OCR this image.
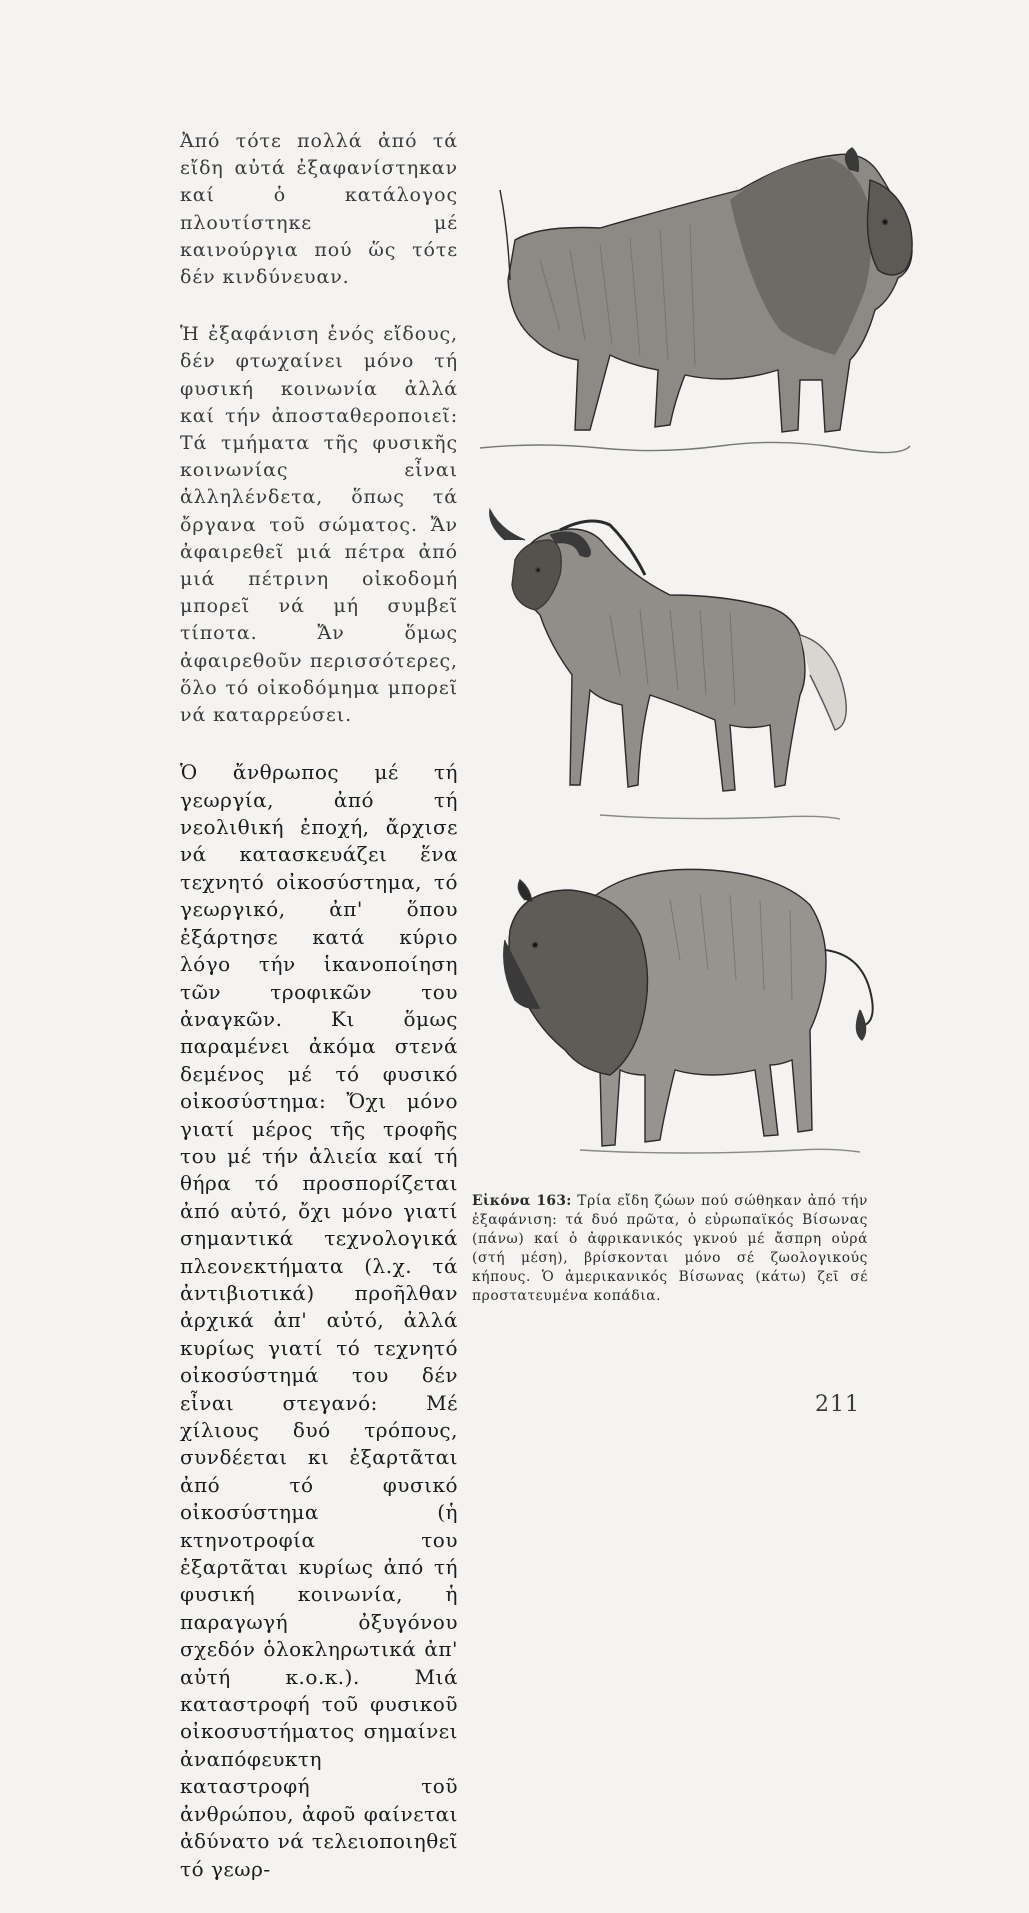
Ἀπό τότε πολλά ἀπό τά εἴδη αὐτά ἐξαφανίστηκαν καί ὁ κατάλογος πλουτίστηκε μέ καινούργια πού ὥς τότε δέν κινδύνευαν.

Ἡ ἐξαφάνιση ἑνός εἴδους, δέν φτωχαίνει μόνο τή φυσική κοινωνία ἀλλά καί τήν ἀποσταθεροποιεῖ: Τά τμήματα τῆς φυσικῆς κοινωνίας εἶναι ἀλληλένδετα, ὅπως τά ὄργανα τοῦ σώματος. Ἄν ἀφαιρεθεῖ μιά πέτρα ἀπό μιά πέτρινη οἰκοδομή μπορεῖ νά μή συμβεῖ τίποτα. Ἄν ὅμως ἀφαιρεθοῦν περισσότερες, ὅλο τό οἰκοδόμημα μπορεῖ νά καταρρεύσει.

Ὁ ἄνθρωπος μέ τή γεωργία, ἀπό τή νεολιθική ἐποχή, ἄρχισε νά κατασκευάζει ἕνα τεχνητό οἰκοσύστημα, τό γεωργικό, ἀπ' ὅπου ἐξάρτησε κατά κύριο λόγο τήν ἱκανοποίηση τῶν τροφικῶν του ἀναγκῶν. Κι ὅμως παραμένει ἀκόμα στενά δεμένος μέ τό φυσικό οἰκοσύστημα: Ὄχι μόνο γιατί μέρος τῆς τροφῆς του μέ τήν ἁλιεία καί τή θήρα τό προσπορίζεται ἀπό αὐτό, ὄχι μόνο γιατί σημαντικά τεχνολογικά πλεονεκτήματα (λ.χ. τά ἀντιβιοτικά) προῆλθαν ἀρχικά ἀπ' αὐτό, ἀλλά κυρίως γιατί τό τεχνητό οἰκοσύστημά του δέν εἶναι στεγανό: Μέ χίλιους δυό τρόπους, συνδέεται κι ἐξαρτᾶται ἀπό τό φυσικό οἰκοσύστημα (ἡ κτηνοτροφία του ἐξαρτᾶται κυρίως ἀπό τή φυσική κοινωνία, ἡ παραγωγή ὀξυγόνου σχεδόν ὁλοκληρωτικά ἀπ' αὐτή κ.ο.κ.). Μιά καταστροφή τοῦ φυσικοῦ οἰκοσυστήματος σημαίνει ἀναπόφευκτη καταστροφή τοῦ ἀνθρώπου, ἀφοῦ φαίνεται ἀδύνατο νά τελειοποιηθεῖ τό γεωρ-

Εἰκόνα 163: Τρία εἴδη ζώων πού σώθηκαν ἀπό τήν ἐξαφάνιση: τά δυό πρῶτα, ὁ εὐρωπαϊκός Βίσωνας (πάνω) καί ὁ ἀφρικανικός γκνού μέ ἄσπρη οὐρά (στή μέση), βρίσκονται μόνο σέ ζωολογικούς κήπους. Ὁ ἀμερικανικός Βίσωνας (κάτω) ζεῖ σέ προστατευμένα κοπάδια.
211
